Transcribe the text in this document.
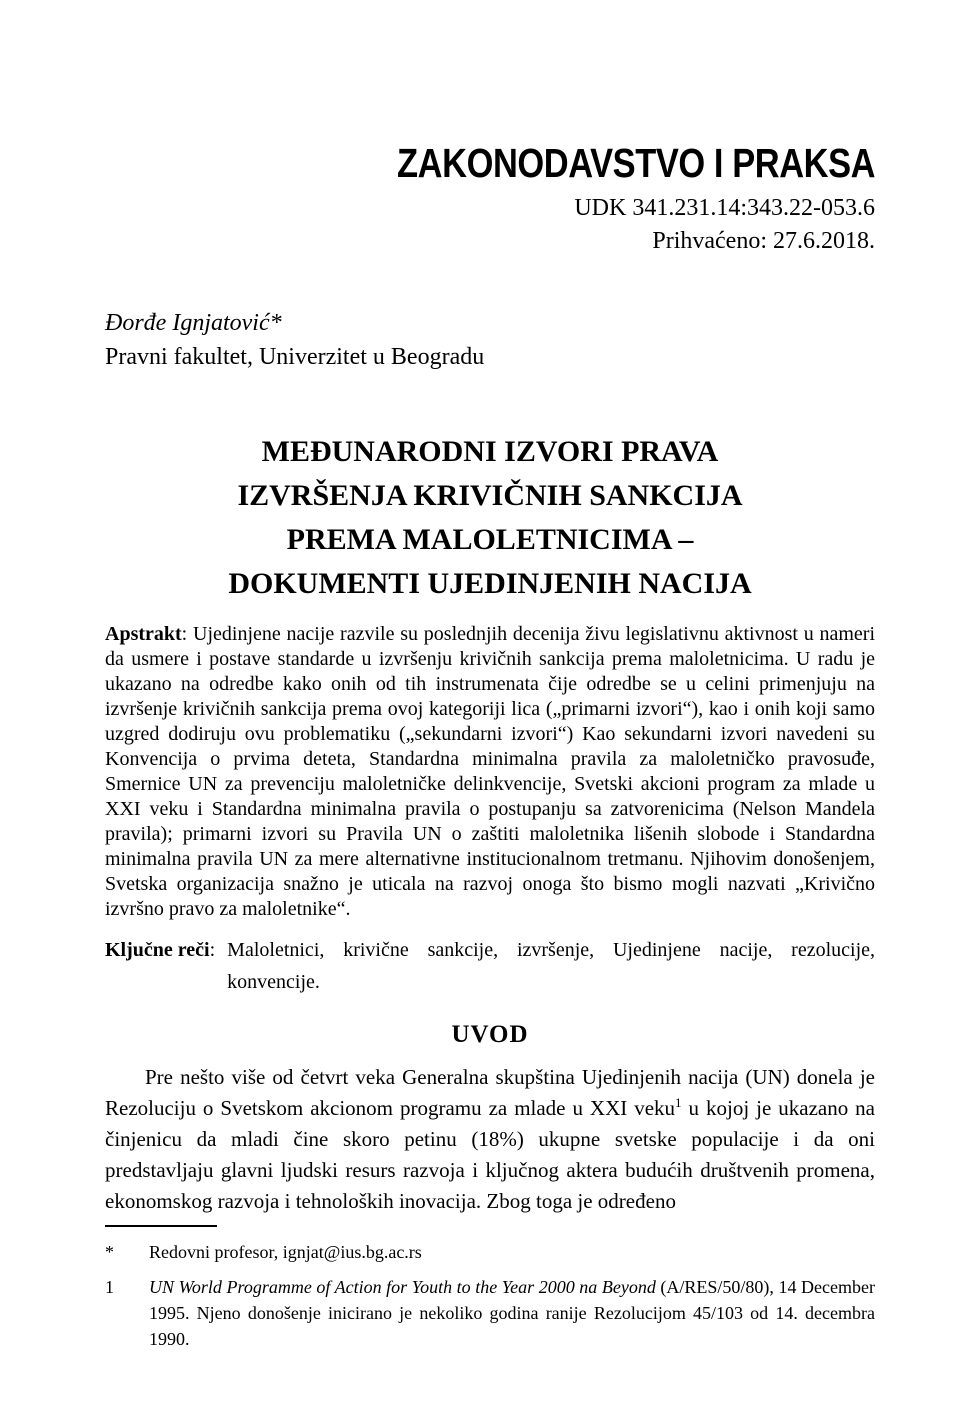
ZAKONODAVSTVO I PRAKSA
UDK 341.231.14:343.22-053.6
Prihvaćeno: 27.6.2018.
Đorđe Ignjatović*
Pravni fakultet, Univerzitet u Beogradu
MEĐUNARODNI IZVORI PRAVA
IZVRŠENJA KRIVIČNIH SANKCIJA
PREMA MALOLETNICIMA –
DOKUMENTI UJEDINJENIH NACIJA

Apstrakt: Ujedinjene nacije razvile su poslednjih decenija živu legislativnu aktivnost u nameri da usmere i postave standarde u izvršenju krivičnih sankcija prema maloletnicima. U radu je ukazano na odredbe kako onih od tih instrumenata čije odredbe se u celini primenjuju na izvršenje krivičnih sankcija prema ovoj kategoriji lica („primarni izvori“), kao i onih koji samo uzgred dodiruju ovu problematiku („sekundarni izvori“) Kao sekundarni izvori navedeni su Konvencija o prvima deteta, Standardna minimalna pravila za maloletničko pravosuđe, Smernice UN za prevenciju maloletničke delinkvencije, Svetski akcioni program za mlade u XXI veku i Standardna minimalna pravila o postupanju sa zatvorenicima (Nelson Mandela pravila); primarni izvori su Pravila UN o zaštiti maloletnika lišenih slobode i Standardna minimalna pravila UN za mere alternativne institucionalnom tretmanu. Njihovim donošenjem, Svetska organizacija snažno je uticala na razvoj onoga što bismo mogli nazvati „Krivično izvršno pravo za maloletnike“.

Ključne reči: Maloletnici, krivične sankcije, izvršenje, Ujedinjene nacije, rezolucije, konvencije.
UVOD

Pre nešto više od četvrt veka Generalna skupština Ujedinjenih nacija (UN) donela je Rezoluciju o Svetskom akcionom programu za mlade u XXI veku$^1$ u kojoj je ukazano na činjenicu da mladi čine skoro petinu (18%) ukupne svetske populacije i da oni predstavljaju glavni ljudski resurs razvoja i ključnog aktera budućih društvenih promena, ekonomskog razvoja i tehnoloških inovacija. Zbog toga je određeno

*	Redovni profesor, ignjat@ius.bg.ac.rs
1	UN World Programme of Action for Youth to the Year 2000 na Beyond (A/RES/50/80), 14 December 1995. Njeno donošenje inicirano je nekoliko godina ranije Rezolucijom 45/103 od 14. decembra 1990.
